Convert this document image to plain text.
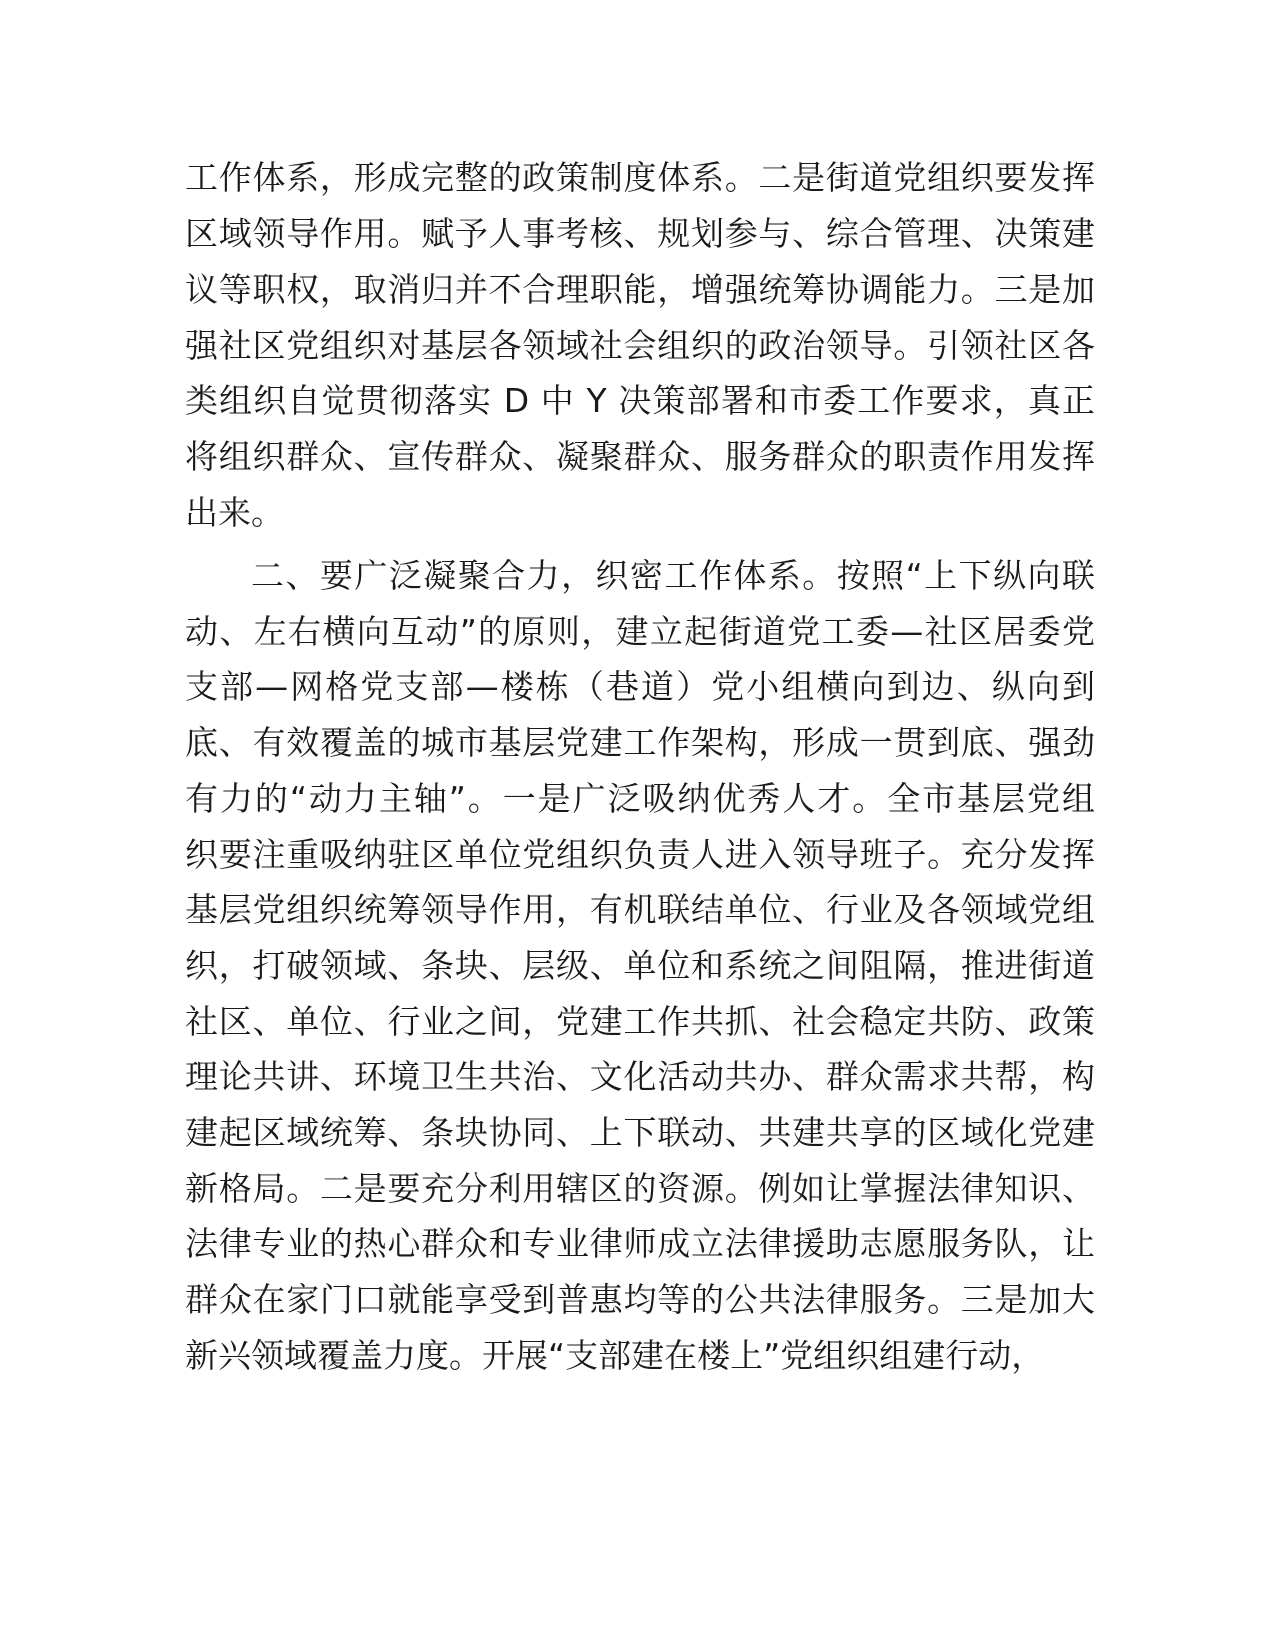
工作体系，形成完整的政策制度体系。二是街道党组织要发挥
区域领导作用。赋予人事考核、规划参与、综合管理、决策建
议等职权，取消归并不合理职能，增强统筹协调能力。三是加
强社区党组织对基层各领域社会组织的政治领导。引领社区各
类组织自觉贯彻落实 D 中 Y 决策部署和市委工作要求，真正
将组织群众、宣传群众、凝聚群众、服务群众的职责作用发挥
出来。
二、要广泛凝聚合力，织密工作体系。按照“上下纵向联
动、左右横向互动”的原则，建立起街道党工委—社区居委党
支部—网格党支部—楼栋（巷道）党小组横向到边、纵向到
底、有效覆盖的城市基层党建工作架构，形成一贯到底、强劲
有力的“动力主轴”。一是广泛吸纳优秀人才。全市基层党组
织要注重吸纳驻区单位党组织负责人进入领导班子。充分发挥
基层党组织统筹领导作用，有机联结单位、行业及各领域党组
织，打破领域、条块、层级、单位和系统之间阻隔，推进街道
社区、单位、行业之间，党建工作共抓、社会稳定共防、政策
理论共讲、环境卫生共治、文化活动共办、群众需求共帮，构
建起区域统筹、条块协同、上下联动、共建共享的区域化党建
新格局。二是要充分利用辖区的资源。例如让掌握法律知识、
法律专业的热心群众和专业律师成立法律援助志愿服务队，让
群众在家门口就能享受到普惠均等的公共法律服务。三是加大
新兴领域覆盖力度。开展“支部建在楼上”党组织组建行动，
